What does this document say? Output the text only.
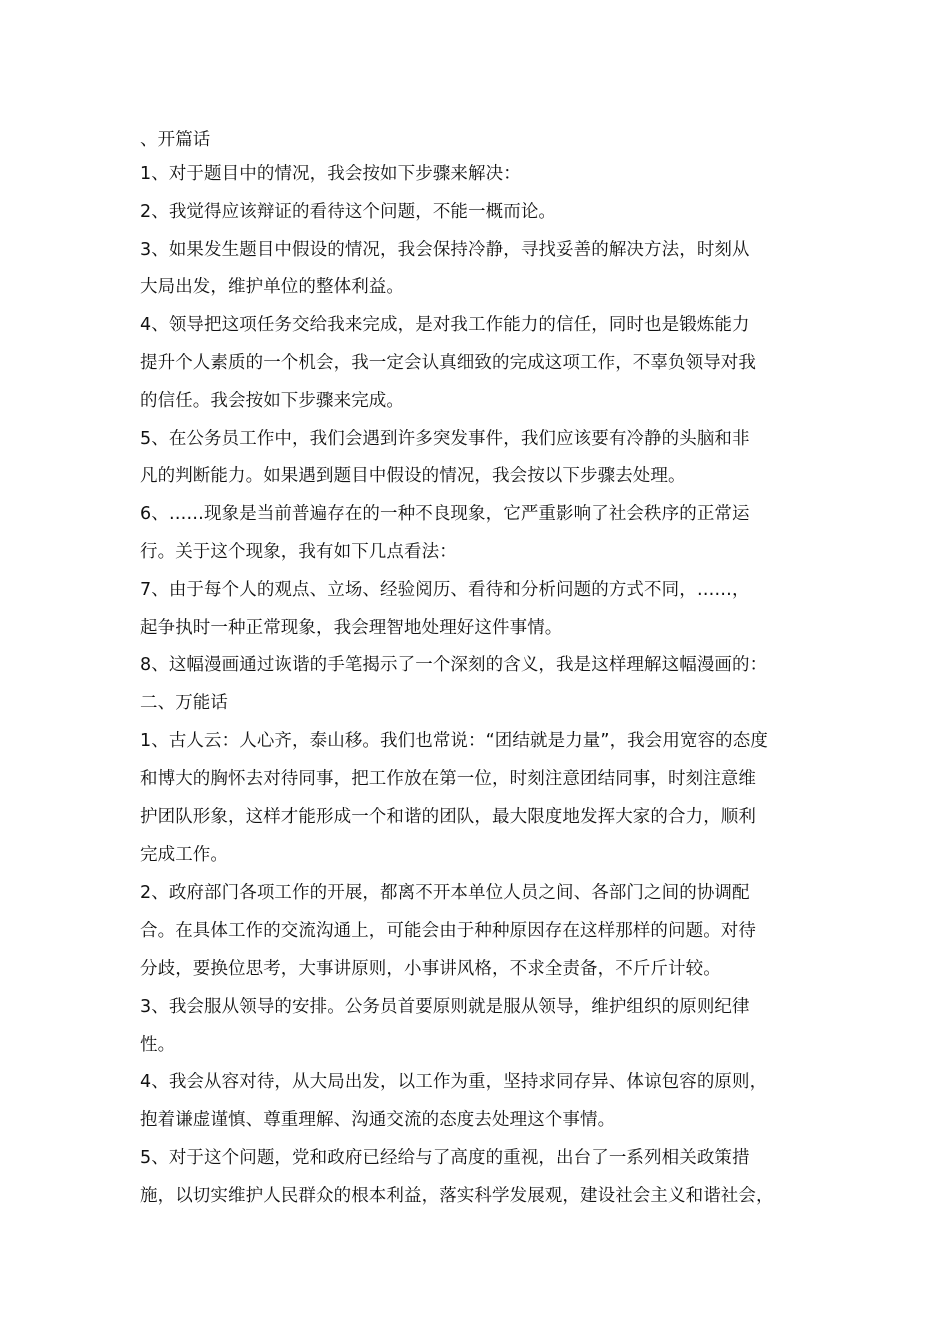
、开篇话
1、对于题目中的情况，我会按如下步骤来解决：
2、我觉得应该辩证的看待这个问题，不能一概而论。
3、如果发生题目中假设的情况，我会保持冷静，寻找妥善的解决方法，时刻从
大局出发，维护单位的整体利益。
4、领导把这项任务交给我来完成，是对我工作能力的信任，同时也是锻炼能力
提升个人素质的一个机会，我一定会认真细致的完成这项工作，不辜负领导对我
的信任。我会按如下步骤来完成。
5、在公务员工作中，我们会遇到许多突发事件，我们应该要有冷静的头脑和非
凡的判断能力。如果遇到题目中假设的情况，我会按以下步骤去处理。
6、……现象是当前普遍存在的一种不良现象，它严重影响了社会秩序的正常运
行。关于这个现象，我有如下几点看法：
7、由于每个人的观点、立场、经验阅历、看待和分析问题的方式不同，……，
起争执时一种正常现象，我会理智地处理好这件事情。
8、这幅漫画通过诙谐的手笔揭示了一个深刻的含义，我是这样理解这幅漫画的：
二、万能话
1、古人云：人心齐，泰山移。我们也常说：“团结就是力量”，我会用宽容的态度
和博大的胸怀去对待同事，把工作放在第一位，时刻注意团结同事，时刻注意维
护团队形象，这样才能形成一个和谐的团队，最大限度地发挥大家的合力，顺利
完成工作。
2、政府部门各项工作的开展，都离不开本单位人员之间、各部门之间的协调配
合。在具体工作的交流沟通上，可能会由于种种原因存在这样那样的问题。对待
分歧，要换位思考，大事讲原则，小事讲风格，不求全责备，不斤斤计较。
3、我会服从领导的安排。公务员首要原则就是服从领导，维护组织的原则纪律
性。
4、我会从容对待，从大局出发，以工作为重，坚持求同存异、体谅包容的原则，
抱着谦虚谨慎、尊重理解、沟通交流的态度去处理这个事情。
5、对于这个问题，党和政府已经给与了高度的重视，出台了一系列相关政策措
施，以切实维护人民群众的根本利益，落实科学发展观，建设社会主义和谐社会，
